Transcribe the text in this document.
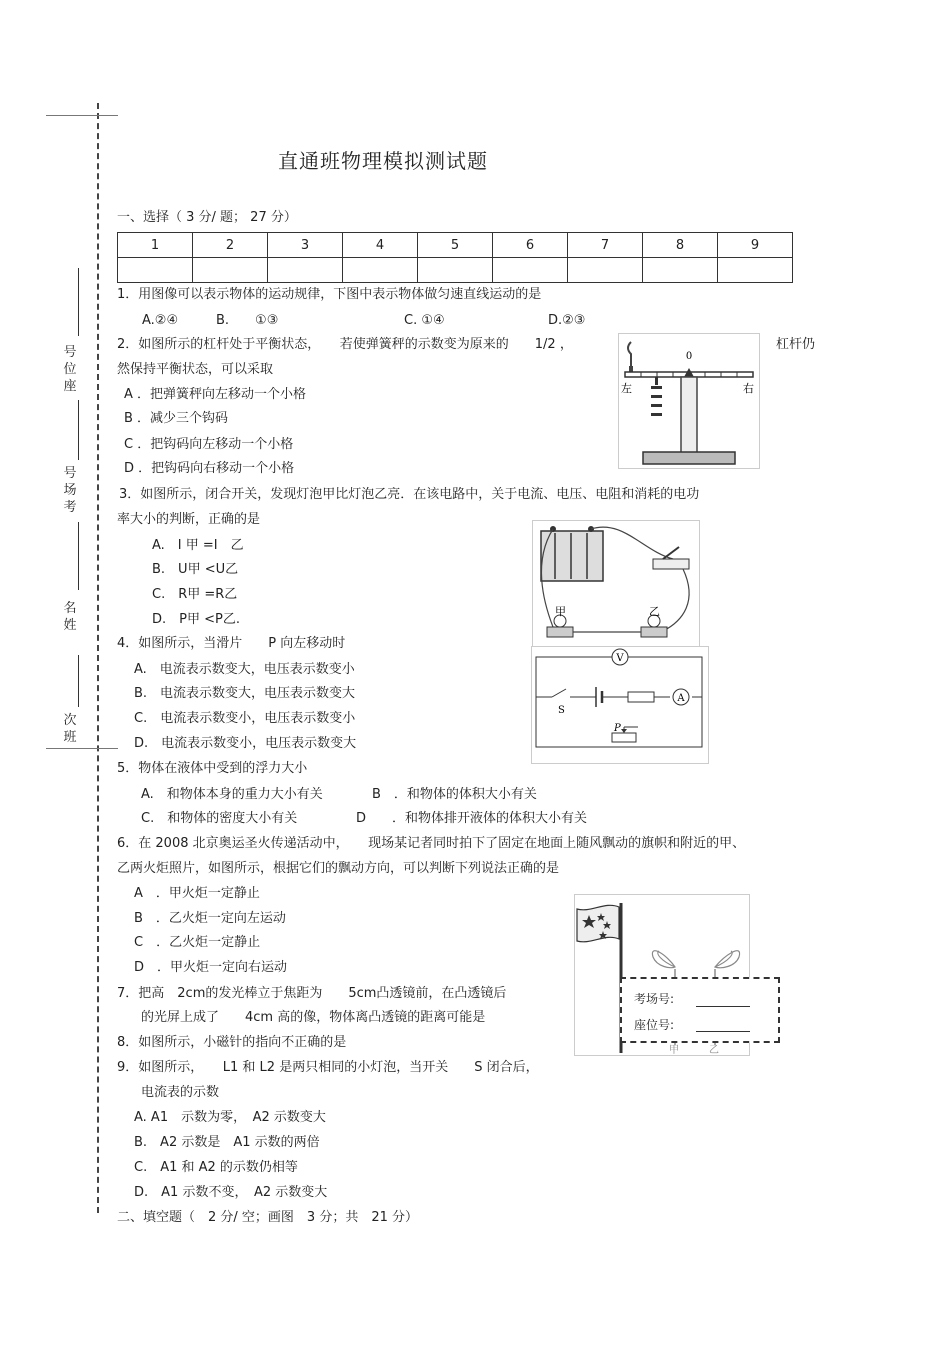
号位座
号场考
名姓
次班
直通班物理模拟测试题
一、选择（ 3 分/ 题； 27 分）
1	2	3	4	5	6	7	8	9

1．用图像可以表示物体的运动规律，下图中表示物体做匀速直线运动的是
A.②④	B.　　①③	C. ①④	D.②③
2．如图所示的杠杆处于平衡状态，　　若使弹簧秤的示数变为原来的　　1/2 ，	杠杆仍
然保持平衡状态，可以采取
A ．把弹簧秤向左移动一个小格
B ．减少三个钩码
C ．把钩码向左移动一个小格
D ．把钩码向右移动一个小格
0
左	右
3．如图所示，闭合开关，发现灯泡甲比灯泡乙亮．在该电路中，关于电流、电压、电阻和消耗的电功
率大小的判断，正确的是
A.　I 甲 =I　乙
B.　U甲 <U乙
C.　R甲 =R乙
D.　P甲 <P乙.
甲	乙
4．如图所示，当滑片　　P 向左移动时
A.　电流表示数变大，电压表示数变小
B.　电流表示数变大，电压表示数变大
C.　电流表示数变小，电压表示数变小
D.　电流表示数变小，电压表示数变大
V
A
S
P
5．物体在液体中受到的浮力大小
A.　和物体本身的重力大小有关	B　．和物体的体积大小有关
C.　和物体的密度大小有关	D　　．和物体排开液体的体积大小有关
6．在 2008 北京奥运圣火传递活动中，　　现场某记者同时拍下了固定在地面上随风飘动的旗帜和附近的甲、
乙两火炬照片，如图所示，根据它们的飘动方向，可以判断下列说法正确的是
A　．甲火炬一定静止
B　．乙火炬一定向左运动
C　．乙火炬一定静止
D　．甲火炬一定向右运动
甲	乙
考场号:
座位号:
7．把高　2cm的发光棒立于焦距为　　5cm凸透镜前，在凸透镜后
的光屏上成了　　4cm 高的像，物体离凸透镜的距离可能是
8．如图所示，小磁针的指向不正确的是
9．如图所示，　　L1 和 L2 是两只相同的小灯泡，当开关　　S 闭合后，
电流表的示数
A. A1　示数为零，　A2 示数变大
B.　A2 示数是　A1 示数的两倍
C.　A1 和 A2 的示数仍相等
D.　A1 示数不变，　A2 示数变大
二、填空题（　2 分/ 空；画图　3 分；共　21 分）
